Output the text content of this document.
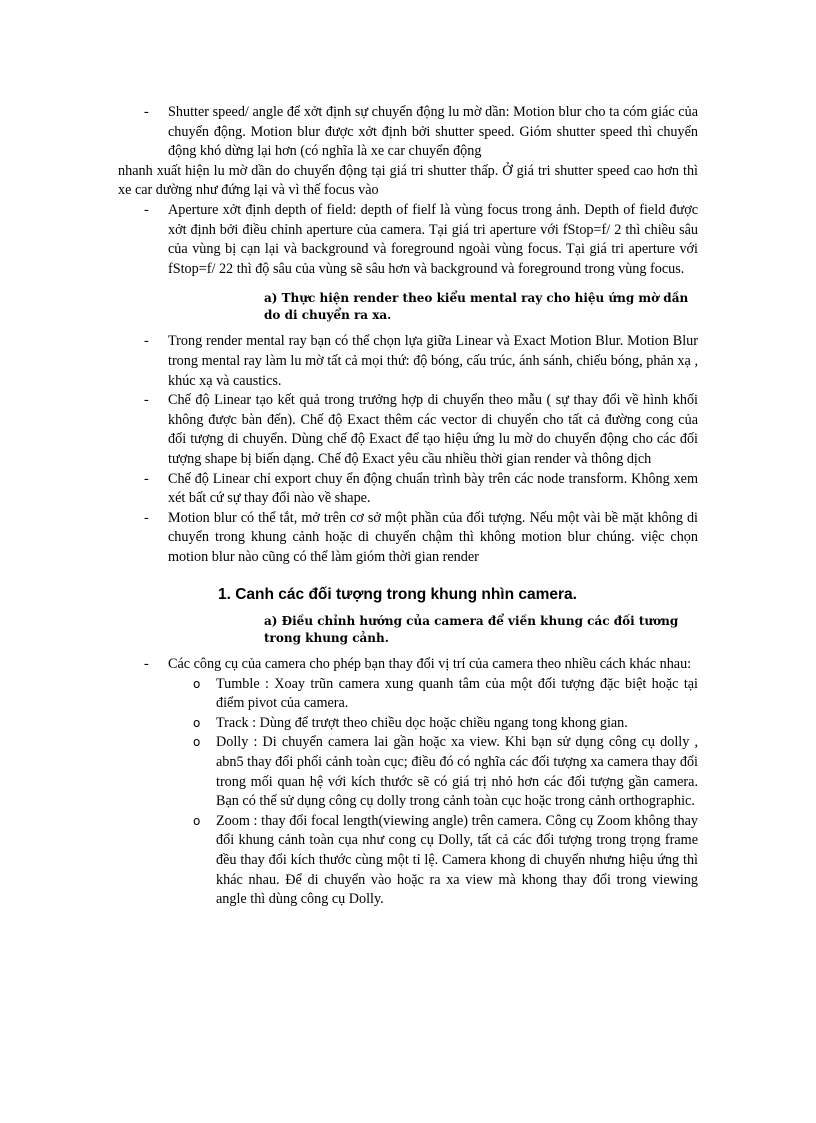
- Shutter speed/ angle để xởt định sự chuyển động lu mờ dần: Motion blur cho ta cóm giác của chuyển động. Motion blur được xởt định bởi shutter speed. Gióm shutter speed thì chuyển động khó dừng lại hơn (có nghĩa là xe car chuyển động
nhanh xuất hiện lu mờ dần do chuyển động tại giá tri shutter thấp. Ở giá tri shutter speed cao hơn thì xe car dường như đứng lại và vì thế focus vào
- Aperture xởt định depth of field: depth of fielf là vùng focus trong ảnh. Depth of field được xởt định bởi điều chỉnh aperture của camera. Tại giá tri aperture với fStop=f/ 2 thì chiều sâu của vùng bị cạn lại và background và foreground ngoài vùng focus. Tại giá tri aperture với fStop=f/ 22 thì độ sâu của vùng sẽ sâu hơn và background và foreground trong vùng focus.
a) Thực hiện render theo kiểu mental ray cho hiệu ứng mờ dần do di chuyển ra xa.
- Trong render mental ray bạn có thể chọn lựa giữa Linear và Exact Motion Blur. Motion Blur trong mental ray làm lu mờ tất cả mọi thứ: độ bóng, cấu trúc, ánh sánh, chiếu bóng, phản xạ , khúc xạ và caustics.
- Chế độ Linear tạo kết quả trong trưởng hợp di chuyển theo mẫu ( sự thay đổi về hình khối không được bàn đến). Chế độ Exact thêm các vector di chuyển cho tất cả đường cong của đối tượng di chuyển. Dùng chế độ Exact để tạo hiệu ứng lu mờ do chuyển động cho các đối tượng shape bị biến dạng. Chế độ Exact yêu cầu nhiều thời gian render và thông dịch
- Chế độ Linear chỉ export chuy ển động chuẩn trình bày trên các node transform. Không xem xét bất cứ sự thay đổi nào về shape.
- Motion blur có thể tắt, mở trên cơ sở một phần của đối tượng. Nếu một vài bề mặt không di chuyển trong khung cảnh hoặc di chuyển chậm thì không motion blur chúng. việc chọn motion blur nào cũng có thể làm gióm thời gian render
1. Canh các đối tượng trong khung nhìn camera.
a) Điều chỉnh hướng của camera để viền khung các đối tương trong khung cảnh.
- Các công cụ của camera cho phép bạn thay đổi vị trí của camera theo nhiều cách khác nhau:
o Tumble : Xoay trũn camera xung quanh tâm của một đối tượng đặc biệt hoặc tại điểm pivot của camera.
o Track : Dùng để trượt theo chiều dọc hoặc chiều ngang tong khong gian.
o Dolly : Di chuyển camera lai gần hoặc xa view. Khi bạn sử dụng công cụ dolly , abn5 thay đổi phối cảnh toàn cục; điều đó có nghĩa các đối tượng xa camera thay đổi trong mối quan hệ với kích thước sẽ có giá trị nhỏ hơn các đối tượng gần camera. Bạn có thể sử dụng công cụ dolly trong cảnh toàn cục hoặc trong cảnh orthographic.
o Zoom : thay đổi focal length(viewing angle) trên camera. Công cụ Zoom không thay đổi khung cảnh toàn cụa như cong cụ Dolly, tất cả các đối tượng trong trọng frame đều thay đổi kích thước cùng một tỉ lệ. Camera khong di chuyển nhưng hiệu ứng thì khác nhau. Để di chuyển vào hoặc ra xa view mà khong thay đổi trong viewing angle thì dùng công cụ Dolly.
